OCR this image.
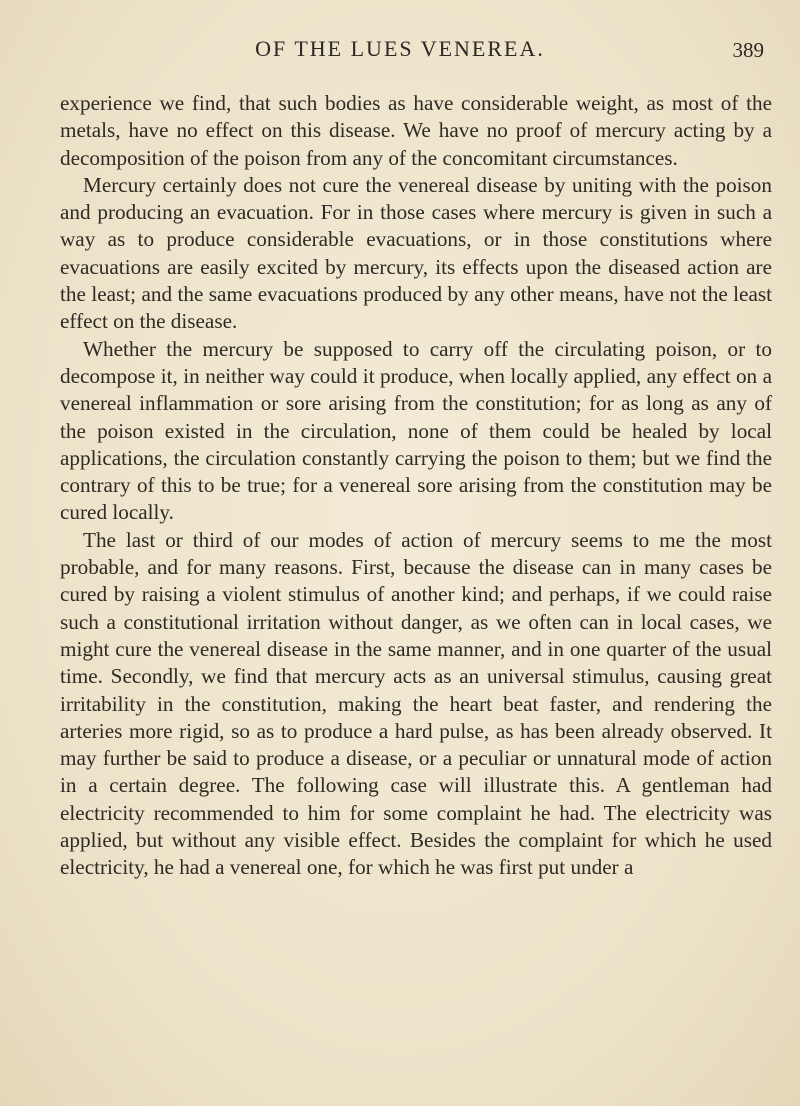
OF THE LUES VENEREA.	389

experience we find, that such bodies as have considerable weight, as most of the metals, have no effect on this disease. We have no proof of mercury acting by a decomposition of the poison from any of the concomitant circumstances.

Mercury certainly does not cure the venereal disease by uniting with the poison and producing an evacuation. For in those cases where mercury is given in such a way as to produce considerable evacuations, or in those constitutions where evacuations are easily excited by mercury, its effects upon the diseased action are the least; and the same evacuations produced by any other means, have not the least effect on the disease.

Whether the mercury be supposed to carry off the circulating poison, or to decompose it, in neither way could it produce, when locally applied, any effect on a venereal inflammation or sore arising from the constitution; for as long as any of the poison existed in the circulation, none of them could be healed by local applications, the circulation constantly carrying the poison to them; but we find the contrary of this to be true; for a venereal sore arising from the constitution may be cured locally.

The last or third of our modes of action of mercury seems to me the most probable, and for many reasons. First, because the disease can in many cases be cured by raising a violent stimulus of another kind; and perhaps, if we could raise such a constitutional irritation without danger, as we often can in local cases, we might cure the venereal disease in the same manner, and in one quarter of the usual time. Secondly, we find that mercury acts as an universal stimulus, causing great irritability in the constitution, making the heart beat faster, and rendering the arteries more rigid, so as to produce a hard pulse, as has been already observed. It may further be said to produce a disease, or a peculiar or unnatural mode of action in a certain degree. The following case will illustrate this. A gentleman had electricity recommended to him for some complaint he had. The electricity was applied, but without any visible effect. Besides the complaint for which he used electricity, he had a venereal one, for which he was first put under a
